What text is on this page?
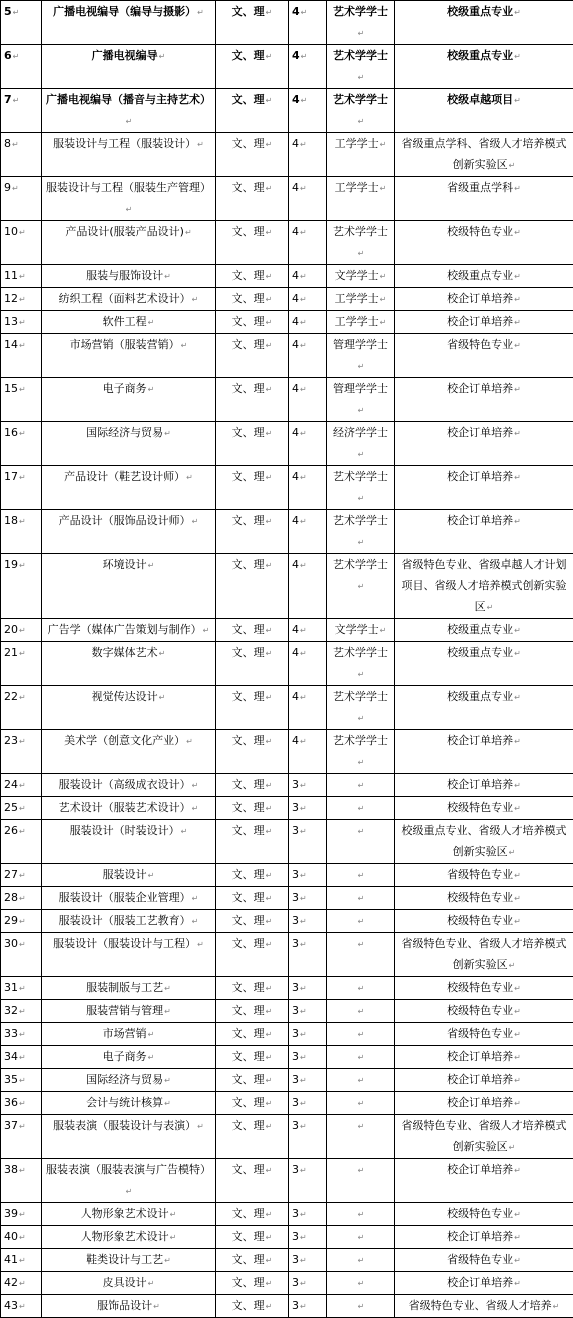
5↵	广播电视编导（编导与摄影）↵	文、理↵	4↵	艺术学学士↵	校级重点专业↵
6↵	广播电视编导↵	文、理↵	4↵	艺术学学士↵	校级重点专业↵
7↵	广播电视编导（播音与主持艺术）↵	文、理↵	4↵	艺术学学士↵	校级卓越项目↵
8↵	服装设计与工程（服装设计）↵	文、理↵	4↵	工学学士↵	省级重点学科、省级人才培养模式创新实验区↵
9↵	服装设计与工程（服装生产管理）↵	文、理↵	4↵	工学学士↵	省级重点学科↵
10↵	产品设计(服装产品设计)↵	文、理↵	4↵	艺术学学士↵	校级特色专业↵
11↵	服装与服饰设计↵	文、理↵	4↵	文学学士↵	校级重点专业↵
12↵	纺织工程（面料艺术设计）↵	文、理↵	4↵	工学学士↵	校企订单培养↵
13↵	软件工程↵	文、理↵	4↵	工学学士↵	校企订单培养↵
14↵	市场营销（服装营销）↵	文、理↵	4↵	管理学学士↵	省级特色专业↵
15↵	电子商务↵	文、理↵	4↵	管理学学士↵	校企订单培养↵
16↵	国际经济与贸易↵	文、理↵	4↵	经济学学士↵	校企订单培养↵
17↵	产品设计（鞋艺设计师）↵	文、理↵	4↵	艺术学学士↵	校企订单培养↵
18↵	产品设计（服饰品设计师）↵	文、理↵	4↵	艺术学学士↵	校企订单培养↵
19↵	环境设计↵	文、理↵	4↵	艺术学学士↵	省级特色专业、省级卓越人才计划项目、省级人才培养模式创新实验区↵
20↵	广告学（媒体广告策划与制作）↵	文、理↵	4↵	文学学士↵	校级重点专业↵
21↵	数字媒体艺术↵	文、理↵	4↵	艺术学学士↵	校级重点专业↵
22↵	视觉传达设计↵	文、理↵	4↵	艺术学学士↵	校级重点专业↵
23↵	美术学（创意文化产业）↵	文、理↵	4↵	艺术学学士↵	校企订单培养↵
24↵	服装设计（高级成衣设计）↵	文、理↵	3↵	↵	校企订单培养↵
25↵	艺术设计（服装艺术设计）↵	文、理↵	3↵	↵	校级特色专业↵
26↵	服装设计（时装设计）↵	文、理↵	3↵	↵	校级重点专业、省级人才培养模式创新实验区↵
27↵	服装设计↵	文、理↵	3↵	↵	省级特色专业↵
28↵	服装设计（服装企业管理）↵	文、理↵	3↵	↵	校级特色专业↵
29↵	服装设计（服装工艺教育）↵	文、理↵	3↵	↵	校级特色专业↵
30↵	服装设计（服装设计与工程）↵	文、理↵	3↵	↵	省级特色专业、省级人才培养模式创新实验区↵
31↵	服装制版与工艺↵	文、理↵	3↵	↵	校级特色专业↵
32↵	服装营销与管理↵	文、理↵	3↵	↵	校级特色专业↵
33↵	市场营销↵	文、理↵	3↵	↵	省级特色专业↵
34↵	电子商务↵	文、理↵	3↵	↵	校企订单培养↵
35↵	国际经济与贸易↵	文、理↵	3↵	↵	校企订单培养↵
36↵	会计与统计核算↵	文、理↵	3↵	↵	校企订单培养↵
37↵	服装表演（服装设计与表演）↵	文、理↵	3↵	↵	省级特色专业、省级人才培养模式创新实验区↵
38↵	服装表演（服装表演与广告模特）↵	文、理↵	3↵	↵	校企订单培养↵
39↵	人物形象艺术设计↵	文、理↵	3↵	↵	校级特色专业↵
40↵	人物形象艺术设计↵	文、理↵	3↵	↵	校企订单培养↵
41↵	鞋类设计与工艺↵	文、理↵	3↵	↵	省级特色专业↵
42↵	皮具设计↵	文、理↵	3↵	↵	校企订单培养↵
43↵	服饰品设计↵	文、理↵	3↵	↵	省级特色专业、省级人才培养↵
